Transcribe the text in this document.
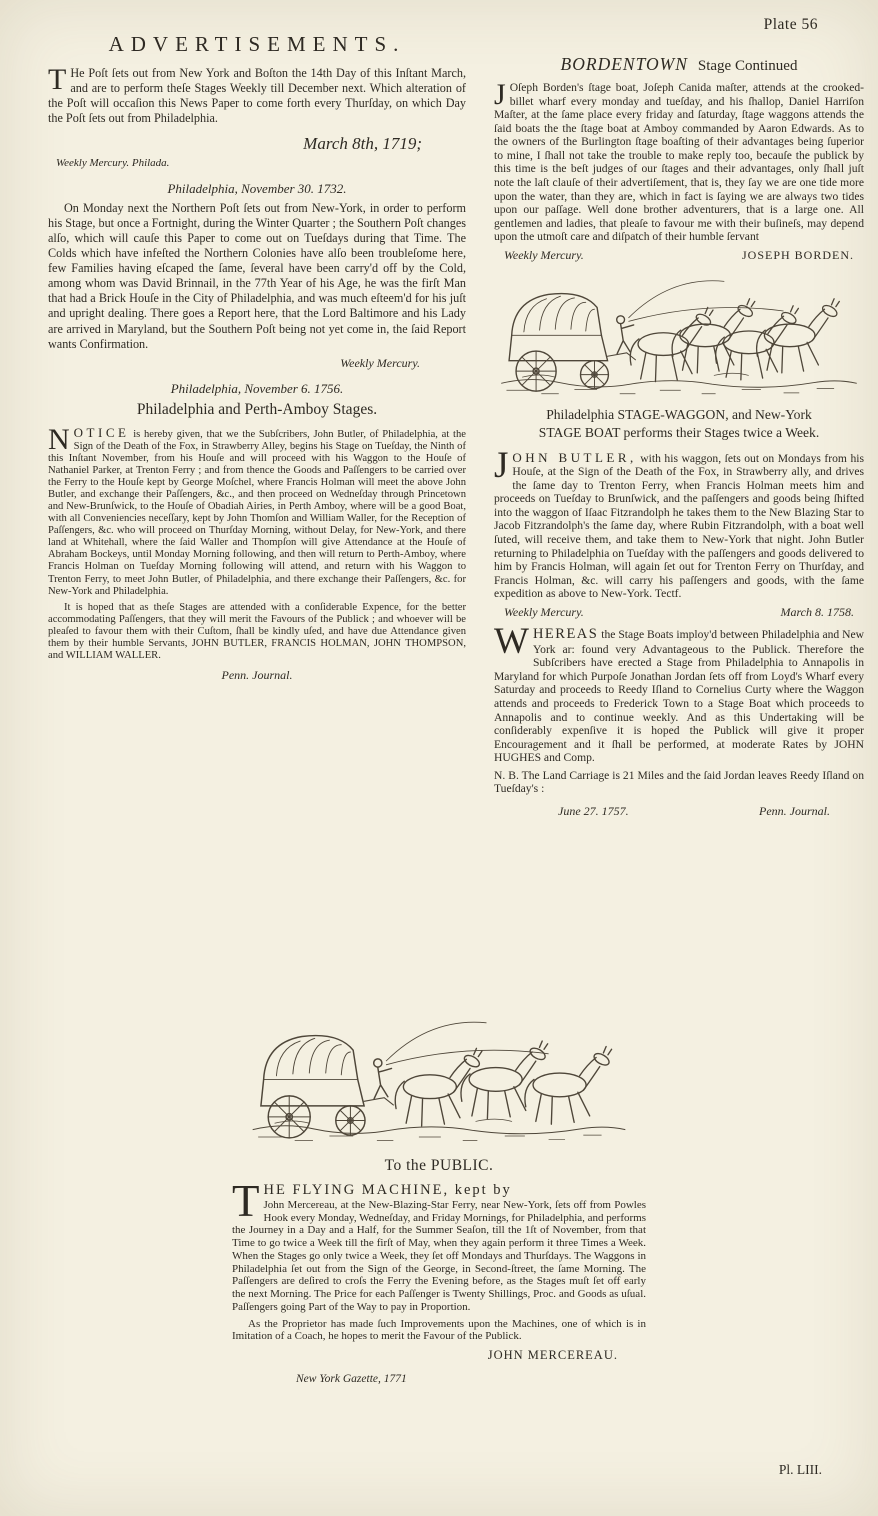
Plate 56
ADVERTISEMENTS.

T He Poſt ſets out from New York and Boſton the 14th Day of this Inſtant March, and are to perform theſe Stages Weekly till December next. Which alteration of the Poſt will occaſion this News Paper to come forth every Thurſday, on which Day the Poſt ſets out from Philadelphia.

March 8th, 1719;
Weekly Mercury. Philada.
Philadelphia, November 30. 1732.

On Monday next the Northern Poſt ſets out from New-York, in order to perform his Stage, but once a Fortnight, during the Winter Quarter ; the Southern Poſt changes alſo, which will cauſe this Paper to come out on Tueſdays during that Time. The Colds which have infeſted the Northern Colonies have alſo been troubleſome here, few Families having eſcaped the ſame, ſeveral have been carry'd off by the Cold, among whom was David Brinnail, in the 77th Year of his Age, he was the firſt Man that had a Brick Houſe in the City of Philadelphia, and was much eſteem'd for his juſt and upright dealing. There goes a Report here, that the Lord Baltimore and his Lady are arrived in Maryland, but the Southern Poſt being not yet come in, the ſaid Report wants Confirmation.

Weekly Mercury.
Philadelphia, November 6. 1756.
Philadelphia and Perth-Amboy Stages.

NOTICE is hereby given, that we the Subſcribers, John Butler, of Philadelphia, at the Sign of the Death of the Fox, in Strawberry Alley, begins his Stage on Tueſday, the Ninth of this Inſtant November, from his Houſe and will proceed with his Waggon to the Houſe of Nathaniel Parker, at Trenton Ferry ; and from thence the Goods and Paſſengers to be carried over the Ferry to the Houſe kept by George Moſchel, where Francis Holman will meet the above John Butler, and exchange their Paſſengers, &c., and then proceed on Wedneſday through Princetown and New-Brunſwick, to the Houſe of Obadiah Airies, in Perth Amboy, where will be a good Boat, with all Conveniencies neceſſary, kept by John Thomſon and William Waller, for the Reception of Paſſengers, &c. who will proceed on Thurſday Morning, without Delay, for New-York, and there land at Whitehall, where the ſaid Waller and Thompſon will give Attendance at the Houſe of Abraham Bockeys, until Monday Morning following, and then will return to Perth-Amboy, where Francis Holman on Tueſday Morning following will attend, and return with his Waggon to Trenton Ferry, to meet John Butler, of Philadelphia, and there exchange their Paſſengers, &c. for New-York and Philadelphia.

It is hoped that as theſe Stages are attended with a conſiderable Expence, for the better accommodating Paſſengers, that they will merit the Favours of the Publick ; and whoever will be pleaſed to favour them with their Cuſtom, ſhall be kindly uſed, and have due Attendance given them by their humble Servants, JOHN BUTLER, FRANCIS HOLMAN, JOHN THOMPSON, and WILLIAM WALLER.

Penn. Journal.
BORDENTOWN Stage Continued

J Oſeph Borden's ſtage boat, Joſeph Canida maſter, attends at the crooked-billet wharf every monday and tueſday, and his ſhallop, Daniel Harriſon Maſter, at the ſame place every friday and ſaturday, ſtage waggons attends the ſaid boats the the ſtage boat at Amboy commanded by Aaron Edwards. As to the owners of the Burlington ſtage boaſting of their advantages being ſuperior to mine, I ſhall not take the trouble to make reply too, becauſe the publick by this time is the beſt judges of our ſtages and their advantages, only ſhall juſt note the laſt clauſe of their advertiſement, that is, they ſay we are one tide more upon the water, than they are, which in fact is ſaying we are always two tides upon our paſſage. Well done brother adventurers, that is a large one. All gentlemen and ladies, that pleaſe to favour me with their buſineſs, may depend upon the utmoſt care and diſpatch of their humble ſervant

Weekly Mercury.	JOSEPH BORDEN.
Philadelphia STAGE-WAGGON, and New-York
STAGE BOAT performs their Stages twice a Week.

JOHN BUTLER, with his waggon, ſets out on Mondays from his Houſe, at the Sign of the Death of the Fox, in Strawberry ally, and drives the ſame day to Trenton Ferry, when Francis Holman meets him and proceeds on Tueſday to Brunſwick, and the paſſengers and goods being ſhifted into the waggon of Iſaac Fitzrandolph he takes them to the New Blazing Star to Jacob Fitzrandolph's the ſame day, where Rubin Fitzrandolph, with a boat well ſuted, will receive them, and take them to New-York that night. John Butler returning to Philadelphia on Tueſday with the paſſengers and goods delivered to him by Francis Holman, will again ſet out for Trenton Ferry on Thurſday, and Francis Holman, &c. will carry his paſſengers and goods, with the ſame expedition as above to New-York. Tectf.

Weekly Mercury.	March 8. 1758.

WHEREAS the Stage Boats imploy'd between Philadelphia and New York ar: found very Advantageous to the Publick. Therefore the Subſcribers have erected a Stage from Philadelphia to Annapolis in Maryland for which Purpoſe Jonathan Jordan ſets off from Loyd's Wharf every Saturday and proceeds to Reedy Iſland to Cornelius Curty where the Waggon attends and proceeds to Frederick Town to a Stage Boat which proceeds to Annapolis and to continue weekly. And as this Undertaking will be conſiderably expenſive it is hoped the Publick will give it proper Encouragement and it ſhall be performed, at moderate Rates by JOHN HUGHES and Comp.

N. B. The Land Carriage is 21 Miles and the ſaid Jordan leaves Reedy Iſland on Tueſday's :

June 27. 1757.	Penn. Journal.
To the PUBLIC.

T HE FLYING MACHINE, kept by
John Mercereau, at the New-Blazing-Star Ferry, near New-York, ſets off from Powles Hook every Monday, Wedneſday, and Friday Mornings, for Philadelphia, and performs the Journey in a Day and a Half, for the Summer Seaſon, till the 1ſt of November, from that Time to go twice a Week till the firſt of May, when they again perform it three Times a Week. When the Stages go only twice a Week, they ſet off Mondays and Thurſdays. The Waggons in Philadelphia ſet out from the Sign of the George, in Second-ſtreet, the ſame Morning. The Paſſengers are deſired to croſs the Ferry the Evening before, as the Stages muſt ſet off early the next Morning. The Price for each Paſſenger is Twenty Shillings, Proc. and Goods as uſual. Paſſengers going Part of the Way to pay in Proportion.

As the Proprietor has made ſuch Improvements upon the Machines, one of which is in Imitation of a Coach, he hopes to merit the Favour of the Publick.

JOHN MERCEREAU.
New York Gazette, 1771
Pl. LIII.
